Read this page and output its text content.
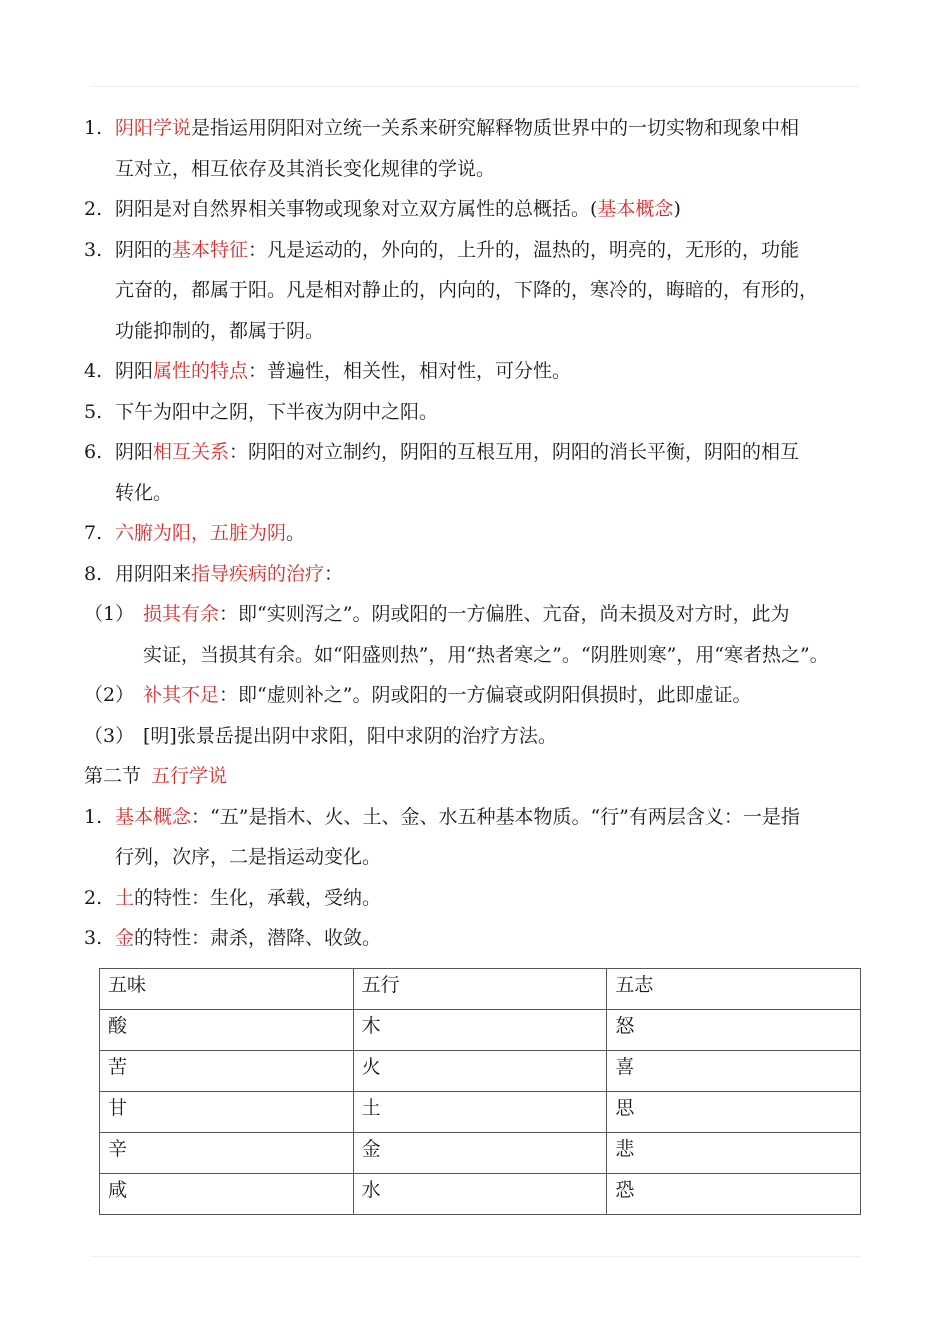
1. 阴阳学说是指运用阴阳对立统一关系来研究解释物质世界中的一切实物和现象中相
互对立，相互依存及其消长变化规律的学说。
2. 阴阳是对自然界相关事物或现象对立双方属性的总概括。(基本概念)
3. 阴阳的基本特征：凡是运动的，外向的，上升的，温热的，明亮的，无形的，功能
亢奋的，都属于阳。凡是相对静止的，内向的，下降的，寒冷的，晦暗的，有形的，
功能抑制的，都属于阴。
4. 阴阳属性的特点：普遍性，相关性，相对性，可分性。
5. 下午为阳中之阴，下半夜为阴中之阳。
6. 阴阳相互关系：阴阳的对立制约，阴阳的互根互用，阴阳的消长平衡，阴阳的相互
转化。
7. 六腑为阳，五脏为阴。
8. 用阴阳来指导疾病的治疗：
（1） 损其有余：即“实则泻之”。阴或阳的一方偏胜、亢奋，尚未损及对方时，此为
实证，当损其有余。如“阳盛则热”，用“热者寒之”。“阴胜则寒”，用“寒者热之”。
（2） 补其不足：即“虚则补之”。阴或阳的一方偏衰或阴阳俱损时，此即虚证。
（3） [明]张景岳提出阴中求阳，阳中求阴的治疗方法。
第二节 五行学说
1. 基本概念：“五”是指木、火、土、金、水五种基本物质。“行”有两层含义：一是指
行列，次序，二是指运动变化。
2. 土的特性：生化，承载，受纳。
3. 金的特性：肃杀，潜降、收敛。
五味	五行	五志
酸	木	怒
苦	火	喜
甘	土	思
辛	金	悲
咸	水	恐
